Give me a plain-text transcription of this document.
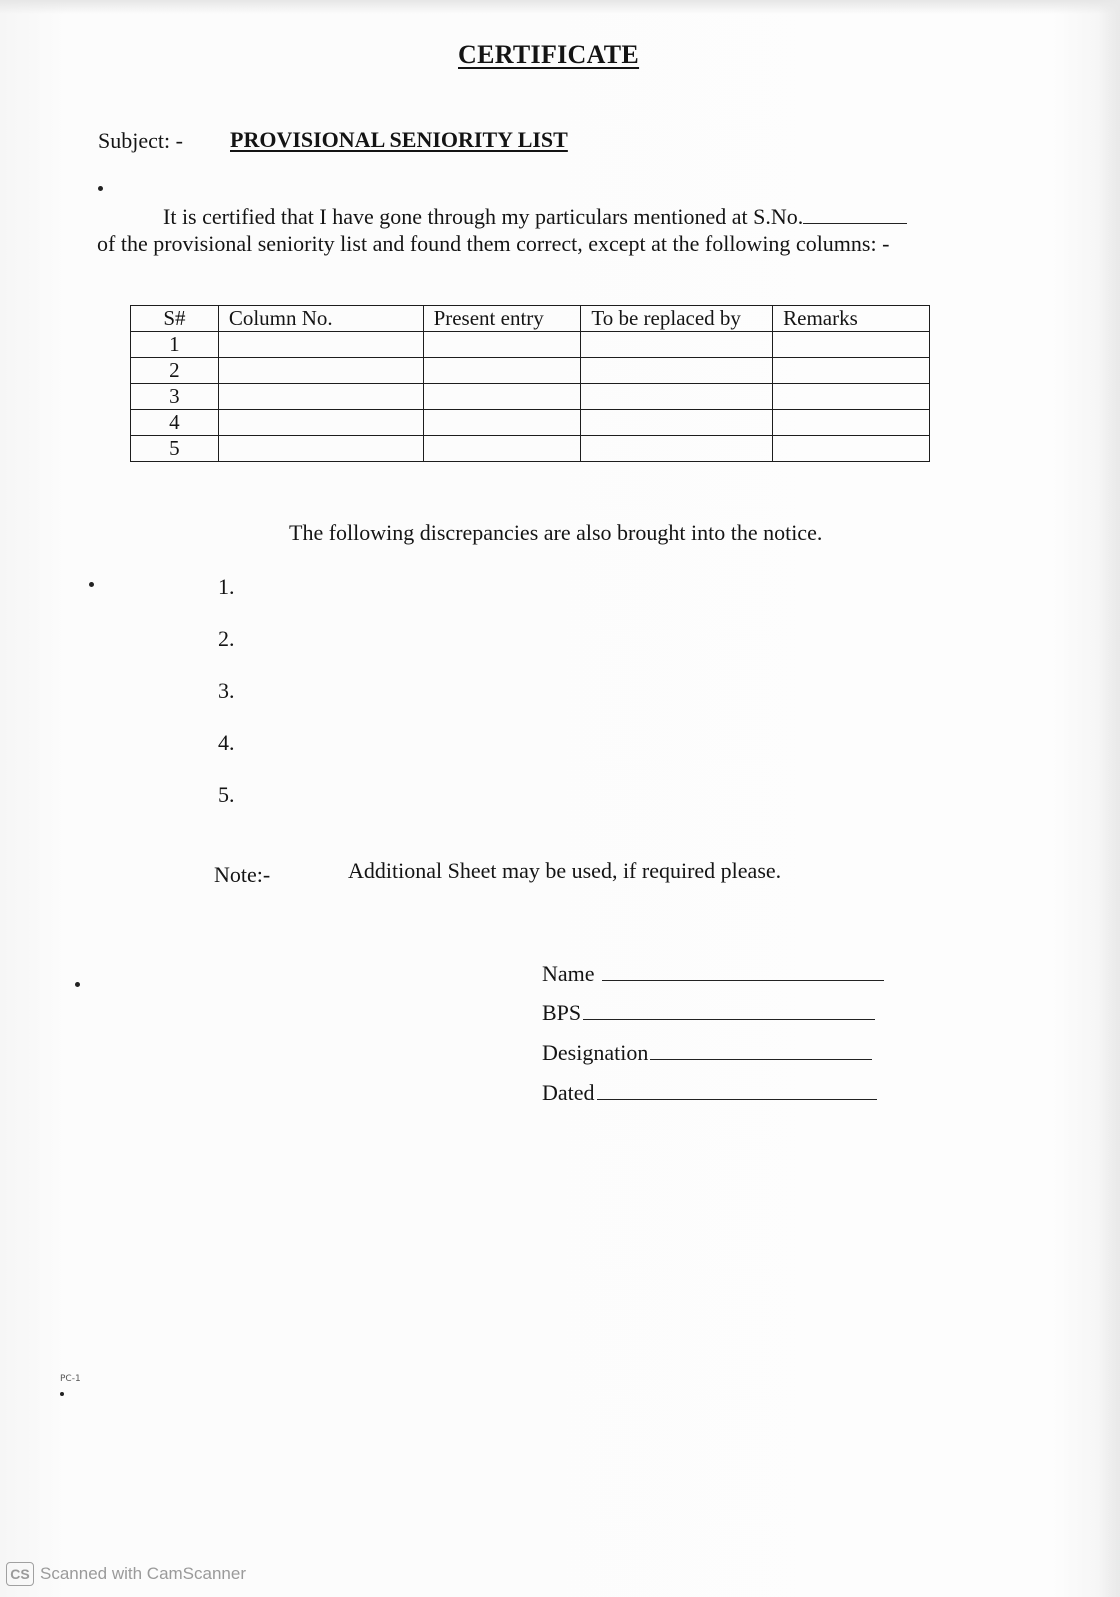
CERTIFICATE
Subject: - PROVISIONAL SENIORITY LIST
It is certified that I have gone through my particulars mentioned at S.No.
of the provisional seniority list and found them correct, except at the following columns: -
S#	Column No.	Present entry	To be replaced by	Remarks
1				
2				
3				
4				
5				
The following discrepancies are also brought into the notice.
1.
2.
3.
4.
5.
Note:-	Additional Sheet may be used, if required please.
Name
BPS
Designation
Dated
PC-1
CS Scanned with CamScanner
